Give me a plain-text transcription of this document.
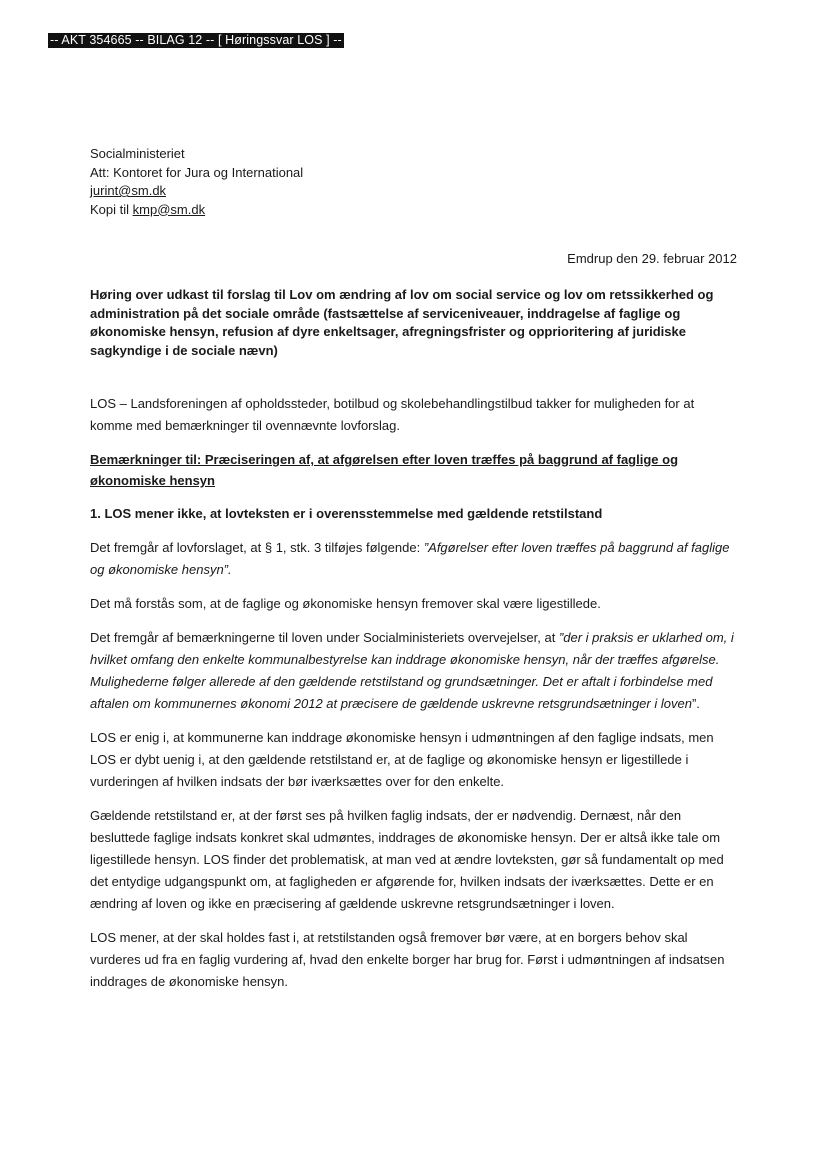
-- AKT 354665 -- BILAG 12 -- [ Høringssvar LOS ] --
Socialministeriet
Att: Kontoret for Jura og International
jurint@sm.dk
Kopi til kmp@sm.dk
Emdrup den 29. februar 2012
Høring over udkast til forslag til Lov om ændring af lov om social service og lov om retssikkerhed og administration på det sociale område (fastsættelse af serviceniveauer, inddragelse af faglige og økonomiske hensyn, refusion af dyre enkeltsager, afregningsfrister og opprioritering af juridiske sagkyndige i de sociale nævn)

LOS – Landsforeningen af opholdssteder, botilbud og skolebehandlingstilbud takker for muligheden for at komme med bemærkninger til ovennævnte lovforslag.

Bemærkninger til: Præciseringen af, at afgørelsen efter loven træffes på baggrund af faglige og økonomiske hensyn

1. LOS mener ikke, at lovteksten er i overensstemmelse med gældende retstilstand

Det fremgår af lovforslaget, at § 1, stk. 3 tilføjes følgende: ”Afgørelser efter loven træffes på baggrund af faglige og økonomiske hensyn”.

Det må forstås som, at de faglige og økonomiske hensyn fremover skal være ligestillede.

Det fremgår af bemærkningerne til loven under Socialministeriets overvejelser, at ”der i praksis er uklarhed om, i hvilket omfang den enkelte kommunalbestyrelse kan inddrage økonomiske hensyn, når der træffes afgørelse. Mulighederne følger allerede af den gældende retstilstand og grundsætninger. Det er aftalt i forbindelse med aftalen om kommunernes økonomi 2012 at præcisere de gældende uskrevne retsgrundsætninger i loven”.

LOS er enig i, at kommunerne kan inddrage økonomiske hensyn i udmøntningen af den faglige indsats, men LOS er dybt uenig i, at den gældende retstilstand er, at de faglige og økonomiske hensyn er ligestillede i vurderingen af hvilken indsats der bør iværksættes over for den enkelte.

Gældende retstilstand er, at der først ses på hvilken faglig indsats, der er nødvendig. Dernæst, når den besluttede faglige indsats konkret skal udmøntes, inddrages de økonomiske hensyn. Der er altså ikke tale om ligestillede hensyn. LOS finder det problematisk, at man ved at ændre lovteksten, gør så fundamentalt op med det entydige udgangspunkt om, at fagligheden er afgørende for, hvilken indsats der iværksættes. Dette er en ændring af loven og ikke en præcisering af gældende uskrevne retsgrundsætninger i loven.

LOS mener, at der skal holdes fast i, at retstilstanden også fremover bør være, at en borgers behov skal vurderes ud fra en faglig vurdering af, hvad den enkelte borger har brug for. Først i udmøntningen af indsatsen inddrages de økonomiske hensyn.
